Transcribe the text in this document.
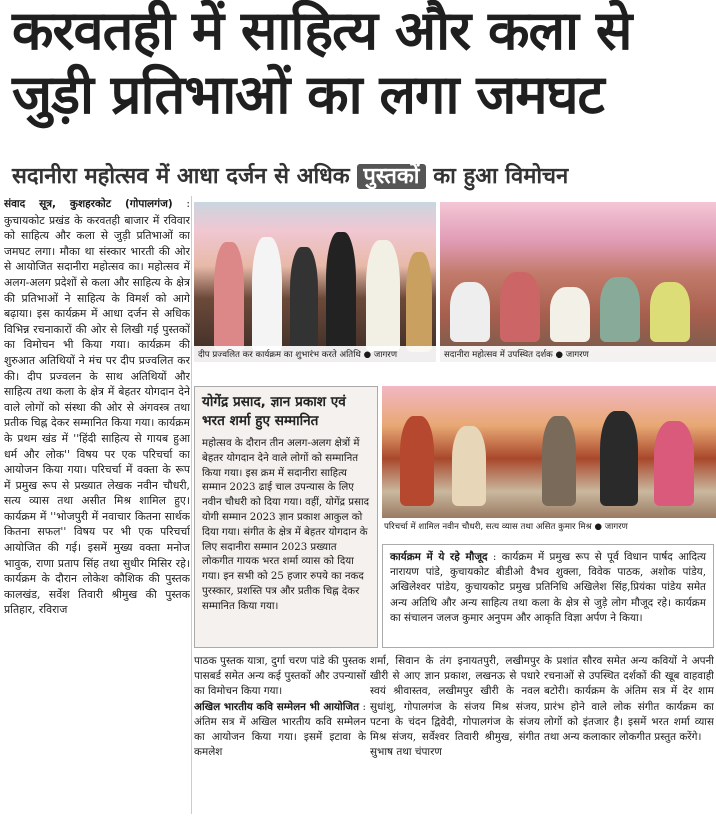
करवतही में साहित्य और कला से
जुड़ी प्रतिभाओं का लगा जमघट
सदानीरा महोत्सव में आधा दर्जन से अधिक पुस्तकों का हुआ विमोचन
संवाद सूत्र, कुशहरकोट (गोपालगंज) : कुचायकोट प्रखंड के करवतही बाजार में रविवार को साहित्य और कला से जुड़ी प्रतिभाओं का जमघट लगा। मौका था संस्कार भारती की ओर से आयोजित सदानीरा महोत्सव का। महोत्सव में अलग-अलग प्रदेशों से कला और साहित्य के क्षेत्र की प्रतिभाओं ने साहित्य के विमर्श को आगे बढ़ाया। इस कार्यक्रम में आधा दर्जन से अधिक विभिन्न रचनाकारों की ओर से लिखी गई पुस्तकों का विमोचन भी किया गया। कार्यक्रम की शुरुआत अतिथियों ने मंच पर दीप प्रज्वलित कर की। दीप प्रज्वलन के साथ अतिथियों और साहित्य तथा कला के क्षेत्र में बेहतर योगदान देने वाले लोगों को संस्था की ओर से अंगवस्त्र तथा प्रतीक चिह्न देकर सम्मानित किया गया। कार्यक्रम के प्रथम खंड में ''हिंदी साहित्य से गायब हुआ धर्म और लोक'' विषय पर एक परिचर्चा का आयोजन किया गया। परिचर्चा में वक्ता के रूप में प्रमुख रूप से प्रख्यात लेखक नवीन चौधरी, सत्य व्यास तथा असीत मिश्र शामिल हुए। कार्यक्रम में ''भोजपुरी में नवाचार कितना सार्थक कितना सफल'' विषय पर भी एक परिचर्चा आयोजित की गई। इसमें मुख्य वक्ता मनोज भावुक, राणा प्रताप सिंह तथा सुधीर मिसिर रहे। कार्यक्रम के दौरान लोकेश कौशिक की पुस्तक कालखंड, सर्वेश तिवारी श्रीमुख की पुस्तक प्रतिहार, रविराज
दीप प्रज्वलित कर कार्यक्रम का शुभारंभ करते अतिथि ● जागरण	सदानीरा महोत्सव में उपस्थित दर्शक ● जागरण
योगेंद्र प्रसाद, ज्ञान प्रकाश एवं भरत शर्मा हुए सम्मानित

महोत्सव के दौरान तीन अलग-अलग क्षेत्रों में बेहतर योगदान देने वाले लोगों को सम्मानित किया गया। इस क्रम में सदानीरा साहित्य सम्मान 2023 ढाई चाल उपन्यास के लिए नवीन चौधरी को दिया गया। वहीं, योगेंद्र प्रसाद योगी सम्मान 2023 ज्ञान प्रकाश आकुल को दिया गया। संगीत के क्षेत्र में बेहतर योगदान के लिए सदानीरा सम्मान 2023 प्रख्यात लोकगीत गायक भरत शर्मा व्यास को दिया गया। इन सभी को 25 हजार रुपये का नकद पुरस्कार, प्रशस्ति पत्र और प्रतीक चिह्न देकर सम्मानित किया गया।

परिचर्चा में शामिल नवीन चौधरी, सत्य व्यास तथा असित कुमार मिश्र ● जागरण
कार्यक्रम में ये रहे मौजूद : कार्यक्रम में प्रमुख रूप से पूर्व विधान पार्षद आदित्य नारायण पांडे, कुचायकोट बीडीओ वैभव शुक्ला, विवेक पाठक, अशोक पांडेय, अखिलेश्वर पांडेय, कुचायकोट प्रमुख प्रतिनिधि अखिलेश सिंह,प्रियंका पांडेय समेत अन्य अतिथि और अन्य साहित्य तथा कला के क्षेत्र से जुड़े लोग मौजूद रहे। कार्यक्रम का संचालन जलज कुमार अनुपम और आकृति विज्ञा अर्पण ने किया।
पाठक पुस्तक यात्रा, दुर्गा चरण पांडे की पुस्तक पासबर्ड समेत अन्य कई पुस्तकों और उपन्यासों का विमोचन किया गया।
अखिल भारतीय कवि सम्मेलन भी आयोजित : अंतिम सत्र में अखिल भारतीय कवि सम्मेलन का आयोजन किया गया। इसमें इटावा के कमलेश
शर्मा, सिवान के तंग इनायतपुरी, लखीमपुर खीरी से आए ज्ञान प्रकाश, लखनऊ से पधारे स्वयं श्रीवास्तव, लखीमपुर खीरी के नवल सुधांशु, गोपालगंज के संजय मिश्र संजय, पटना के चंदन द्विवेदी, गोपालगंज के संजय मिश्र संजय, सर्वेश्वर तिवारी श्रीमुख, संगीत सुभाष तथा चंपारण
के प्रशांत सौरव समेत अन्य कवियों ने अपनी रचनाओं से उपस्थित दर्शकों की खूब वाहवाही बटोरी। कार्यक्रम के अंतिम सत्र में देर शाम प्रारंभ होने वाले लोक संगीत कार्यक्रम का लोगों को इंतजार है। इसमें भरत शर्मा व्यास तथा अन्य कलाकार लोकगीत प्रस्तुत करेंगे।
